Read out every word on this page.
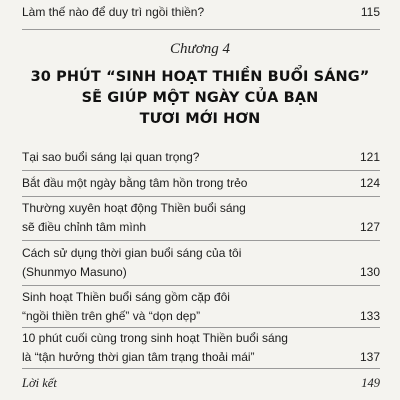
Làm thế nào để duy trì ngồi thiền?	115
Chương 4
30 PHÚT “SINH HOẠT THIỀN BUỔI SÁNG”
SẼ GIÚP MỘT NGÀY CỦA BẠN
TƯƠI MỚI HƠN
Tại sao buổi sáng lại quan trọng?	121
Bắt đầu một ngày bằng tâm hồn trong trẻo	124
Thường xuyên hoạt động Thiền buổi sáng
sẽ điều chỉnh tâm mình	127
Cách sử dụng thời gian buổi sáng của tôi
(Shunmyo Masuno)	130
Sinh hoạt Thiền buổi sáng gồm cặp đôi
“ngồi thiền trên ghế” và “dọn dẹp”	133
10 phút cuối cùng trong sinh hoạt Thiền buổi sáng
là “tận hưởng thời gian tâm trạng thoải mái”	137
Lời kết	149
